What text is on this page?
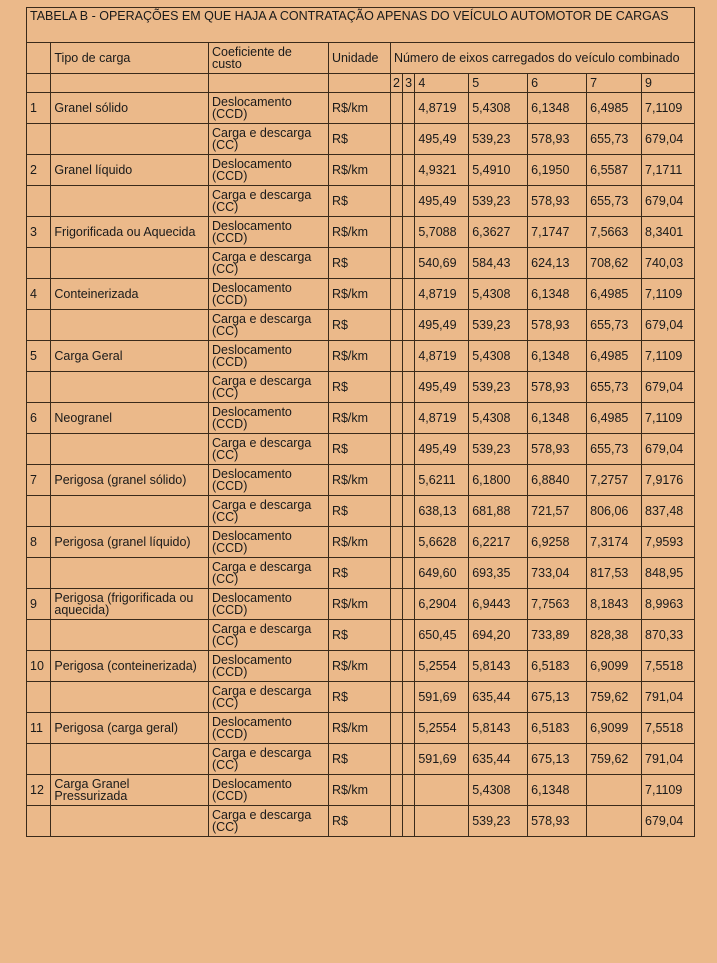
TABELA B - OPERAÇÕES EM QUE HAJA A CONTRATAÇÃO APENAS DO VEÍCULO AUTOMOTOR DE CARGAS										
	Tipo de carga	Coeficiente de custo	Unidade	Número de eixos carregados do veículo combinado						
				2	3	4	5	6	7	9
1	Granel sólido	Deslocamento (CCD)	R$/km			4,8719	5,4308	6,1348	6,4985	7,1109
		Carga e descarga (CC)	R$			495,49	539,23	578,93	655,73	679,04
2	Granel líquido	Deslocamento (CCD)	R$/km			4,9321	5,4910	6,1950	6,5587	7,1711
		Carga e descarga (CC)	R$			495,49	539,23	578,93	655,73	679,04
3	Frigorificada ou Aquecida	Deslocamento (CCD)	R$/km			5,7088	6,3627	7,1747	7,5663	8,3401
		Carga e descarga (CC)	R$			540,69	584,43	624,13	708,62	740,03
4	Conteinerizada	Deslocamento (CCD)	R$/km			4,8719	5,4308	6,1348	6,4985	7,1109
		Carga e descarga (CC)	R$			495,49	539,23	578,93	655,73	679,04
5	Carga Geral	Deslocamento (CCD)	R$/km			4,8719	5,4308	6,1348	6,4985	7,1109
		Carga e descarga (CC)	R$			495,49	539,23	578,93	655,73	679,04
6	Neogranel	Deslocamento (CCD)	R$/km			4,8719	5,4308	6,1348	6,4985	7,1109
		Carga e descarga (CC)	R$			495,49	539,23	578,93	655,73	679,04
7	Perigosa (granel sólido)	Deslocamento (CCD)	R$/km			5,6211	6,1800	6,8840	7,2757	7,9176
		Carga e descarga (CC)	R$			638,13	681,88	721,57	806,06	837,48
8	Perigosa (granel líquido)	Deslocamento (CCD)	R$/km			5,6628	6,2217	6,9258	7,3174	7,9593
		Carga e descarga (CC)	R$			649,60	693,35	733,04	817,53	848,95
9	Perigosa (frigorificada ou aquecida)	Deslocamento (CCD)	R$/km			6,2904	6,9443	7,7563	8,1843	8,9963
		Carga e descarga (CC)	R$			650,45	694,20	733,89	828,38	870,33
10	Perigosa (conteinerizada)	Deslocamento (CCD)	R$/km			5,2554	5,8143	6,5183	6,9099	7,5518
		Carga e descarga (CC)	R$			591,69	635,44	675,13	759,62	791,04
11	Perigosa (carga geral)	Deslocamento (CCD)	R$/km			5,2554	5,8143	6,5183	6,9099	7,5518
		Carga e descarga (CC)	R$			591,69	635,44	675,13	759,62	791,04
12	Carga Granel Pressurizada	Deslocamento (CCD)	R$/km				5,4308	6,1348		7,1109
		Carga e descarga (CC)	R$				539,23	578,93		679,04
